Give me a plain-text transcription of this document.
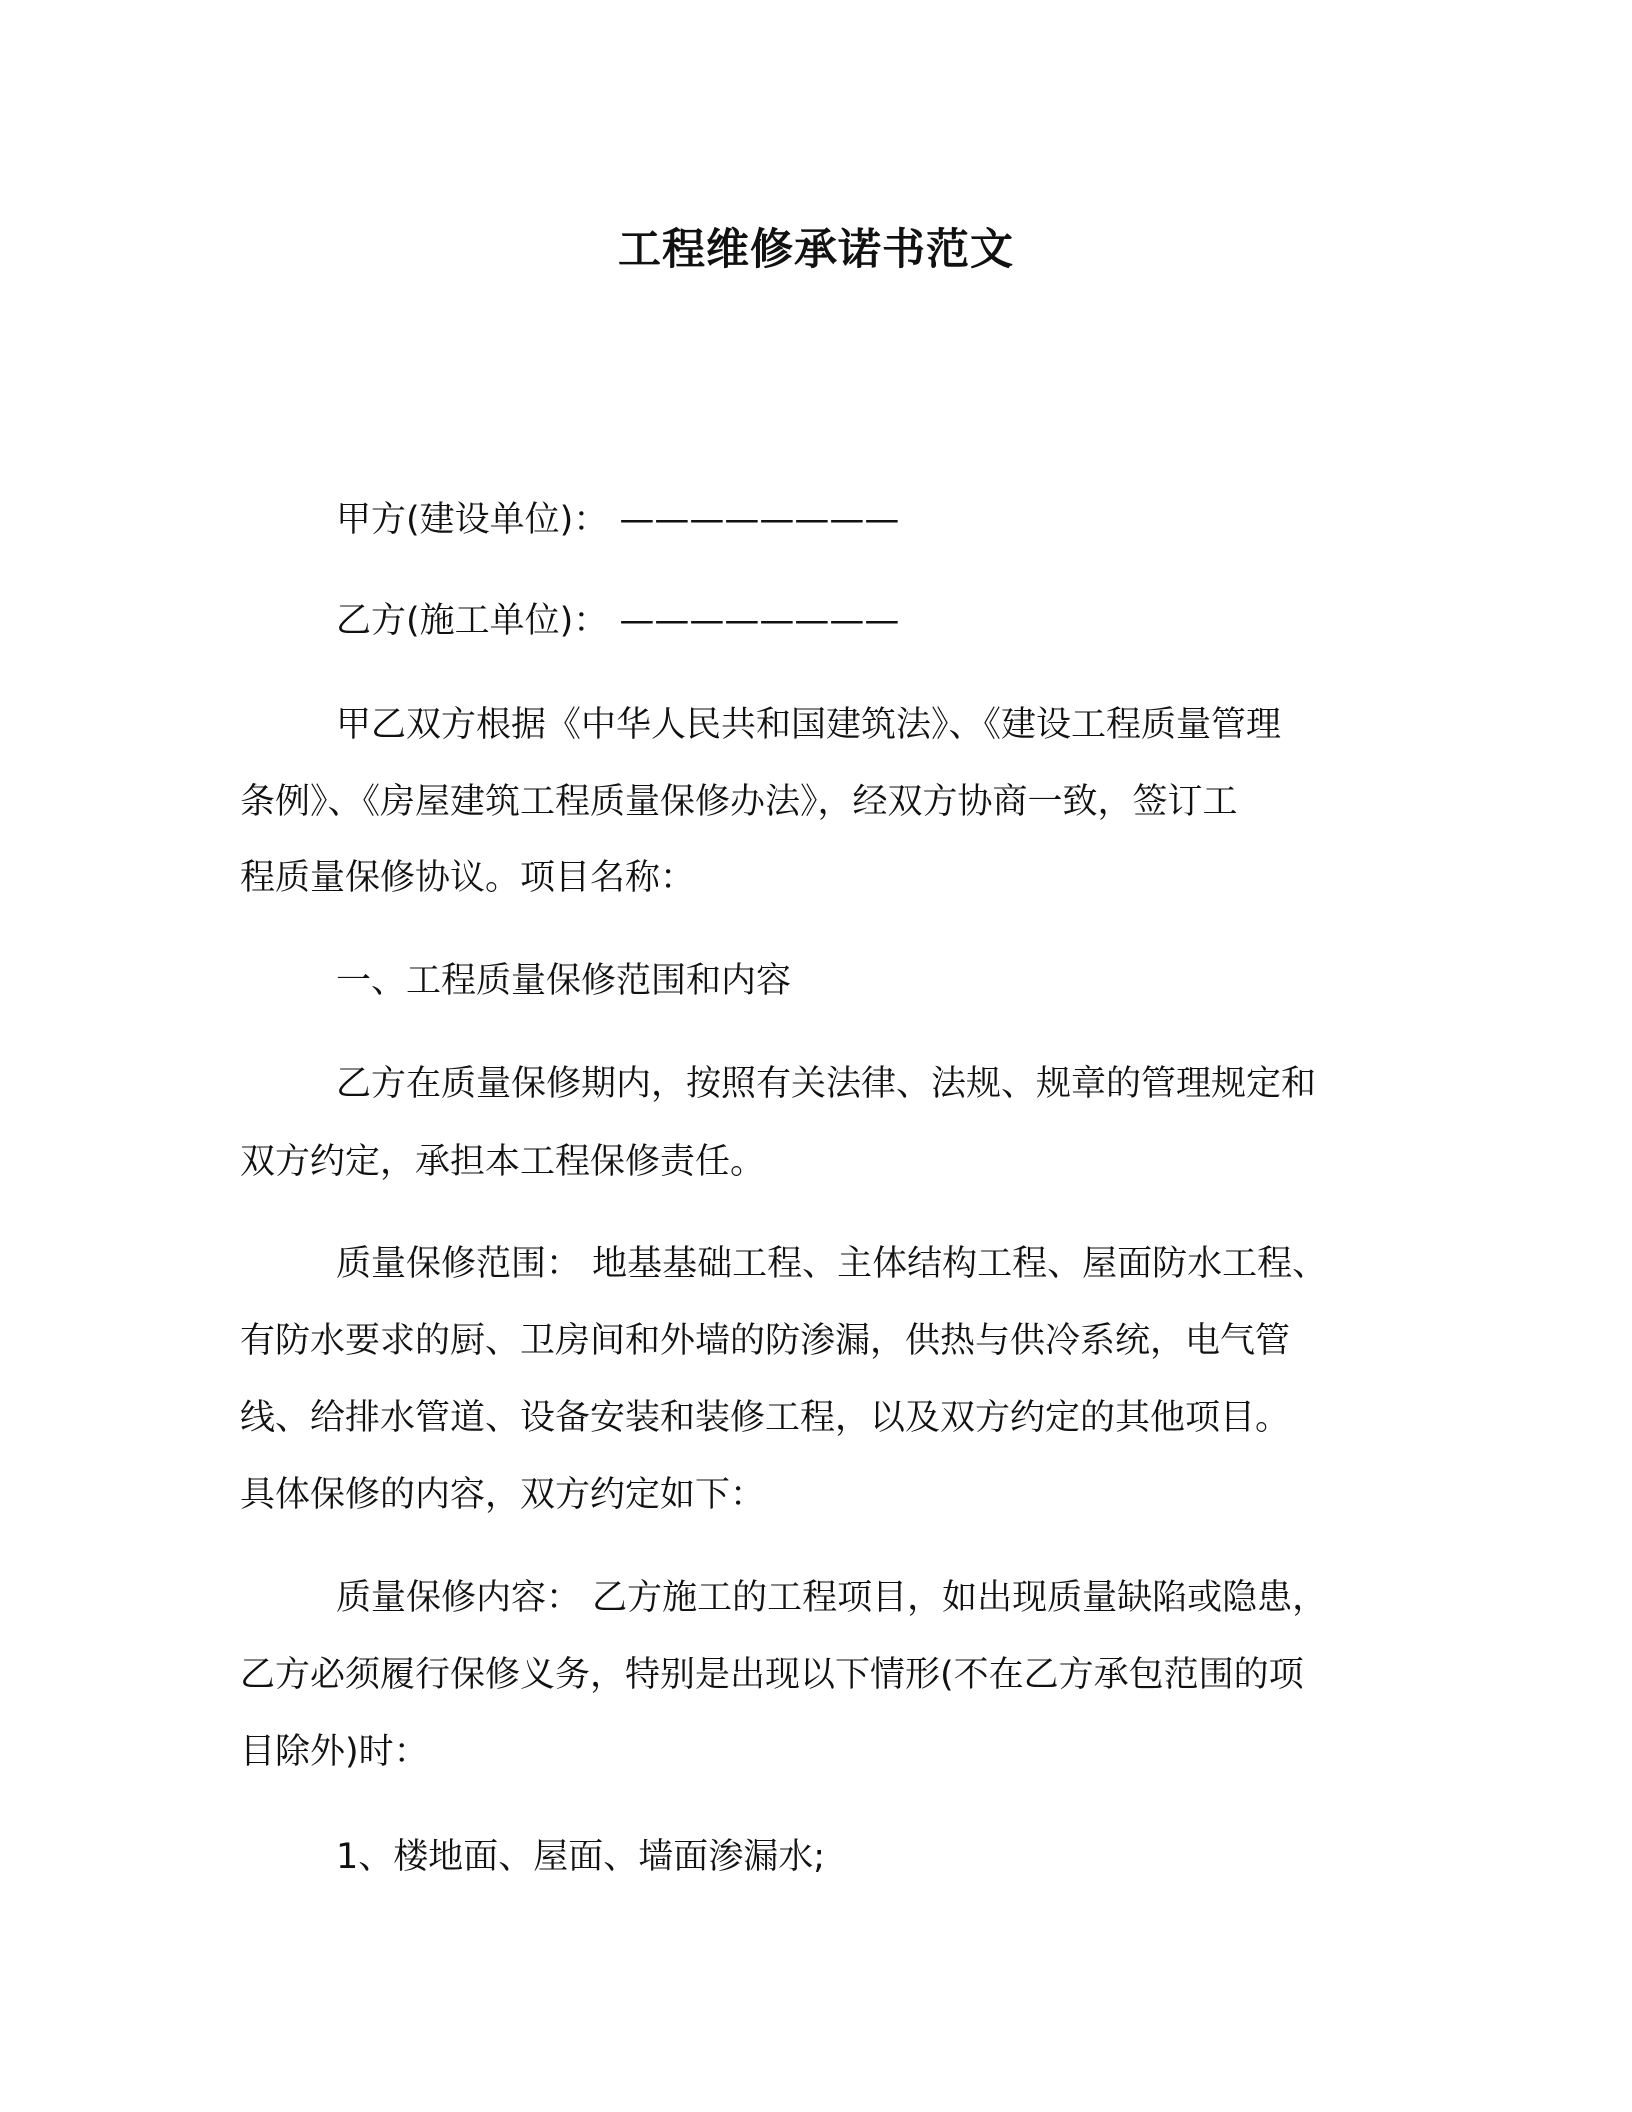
工程维修承诺书范文

甲方(建设单位)： ————————

乙方(施工单位)： ————————

甲乙双方根据《中华人民共和国建筑法》、《建设工程质量管理

条例》、《房屋建筑工程质量保修办法》，经双方协商一致，签订工

程质量保修协议。项目名称：

一、工程质量保修范围和内容

乙方在质量保修期内，按照有关法律、法规、规章的管理规定和

双方约定，承担本工程保修责任。

质量保修范围： 地基基础工程、主体结构工程、屋面防水工程、

有防水要求的厨、卫房间和外墙的防渗漏，供热与供冷系统，电气管

线、给排水管道、设备安装和装修工程，以及双方约定的其他项目。

具体保修的内容，双方约定如下：

质量保修内容： 乙方施工的工程项目，如出现质量缺陷或隐患，

乙方必须履行保修义务，特别是出现以下情形(不在乙方承包范围的项

目除外)时：

1、楼地面、屋面、墙面渗漏水;
